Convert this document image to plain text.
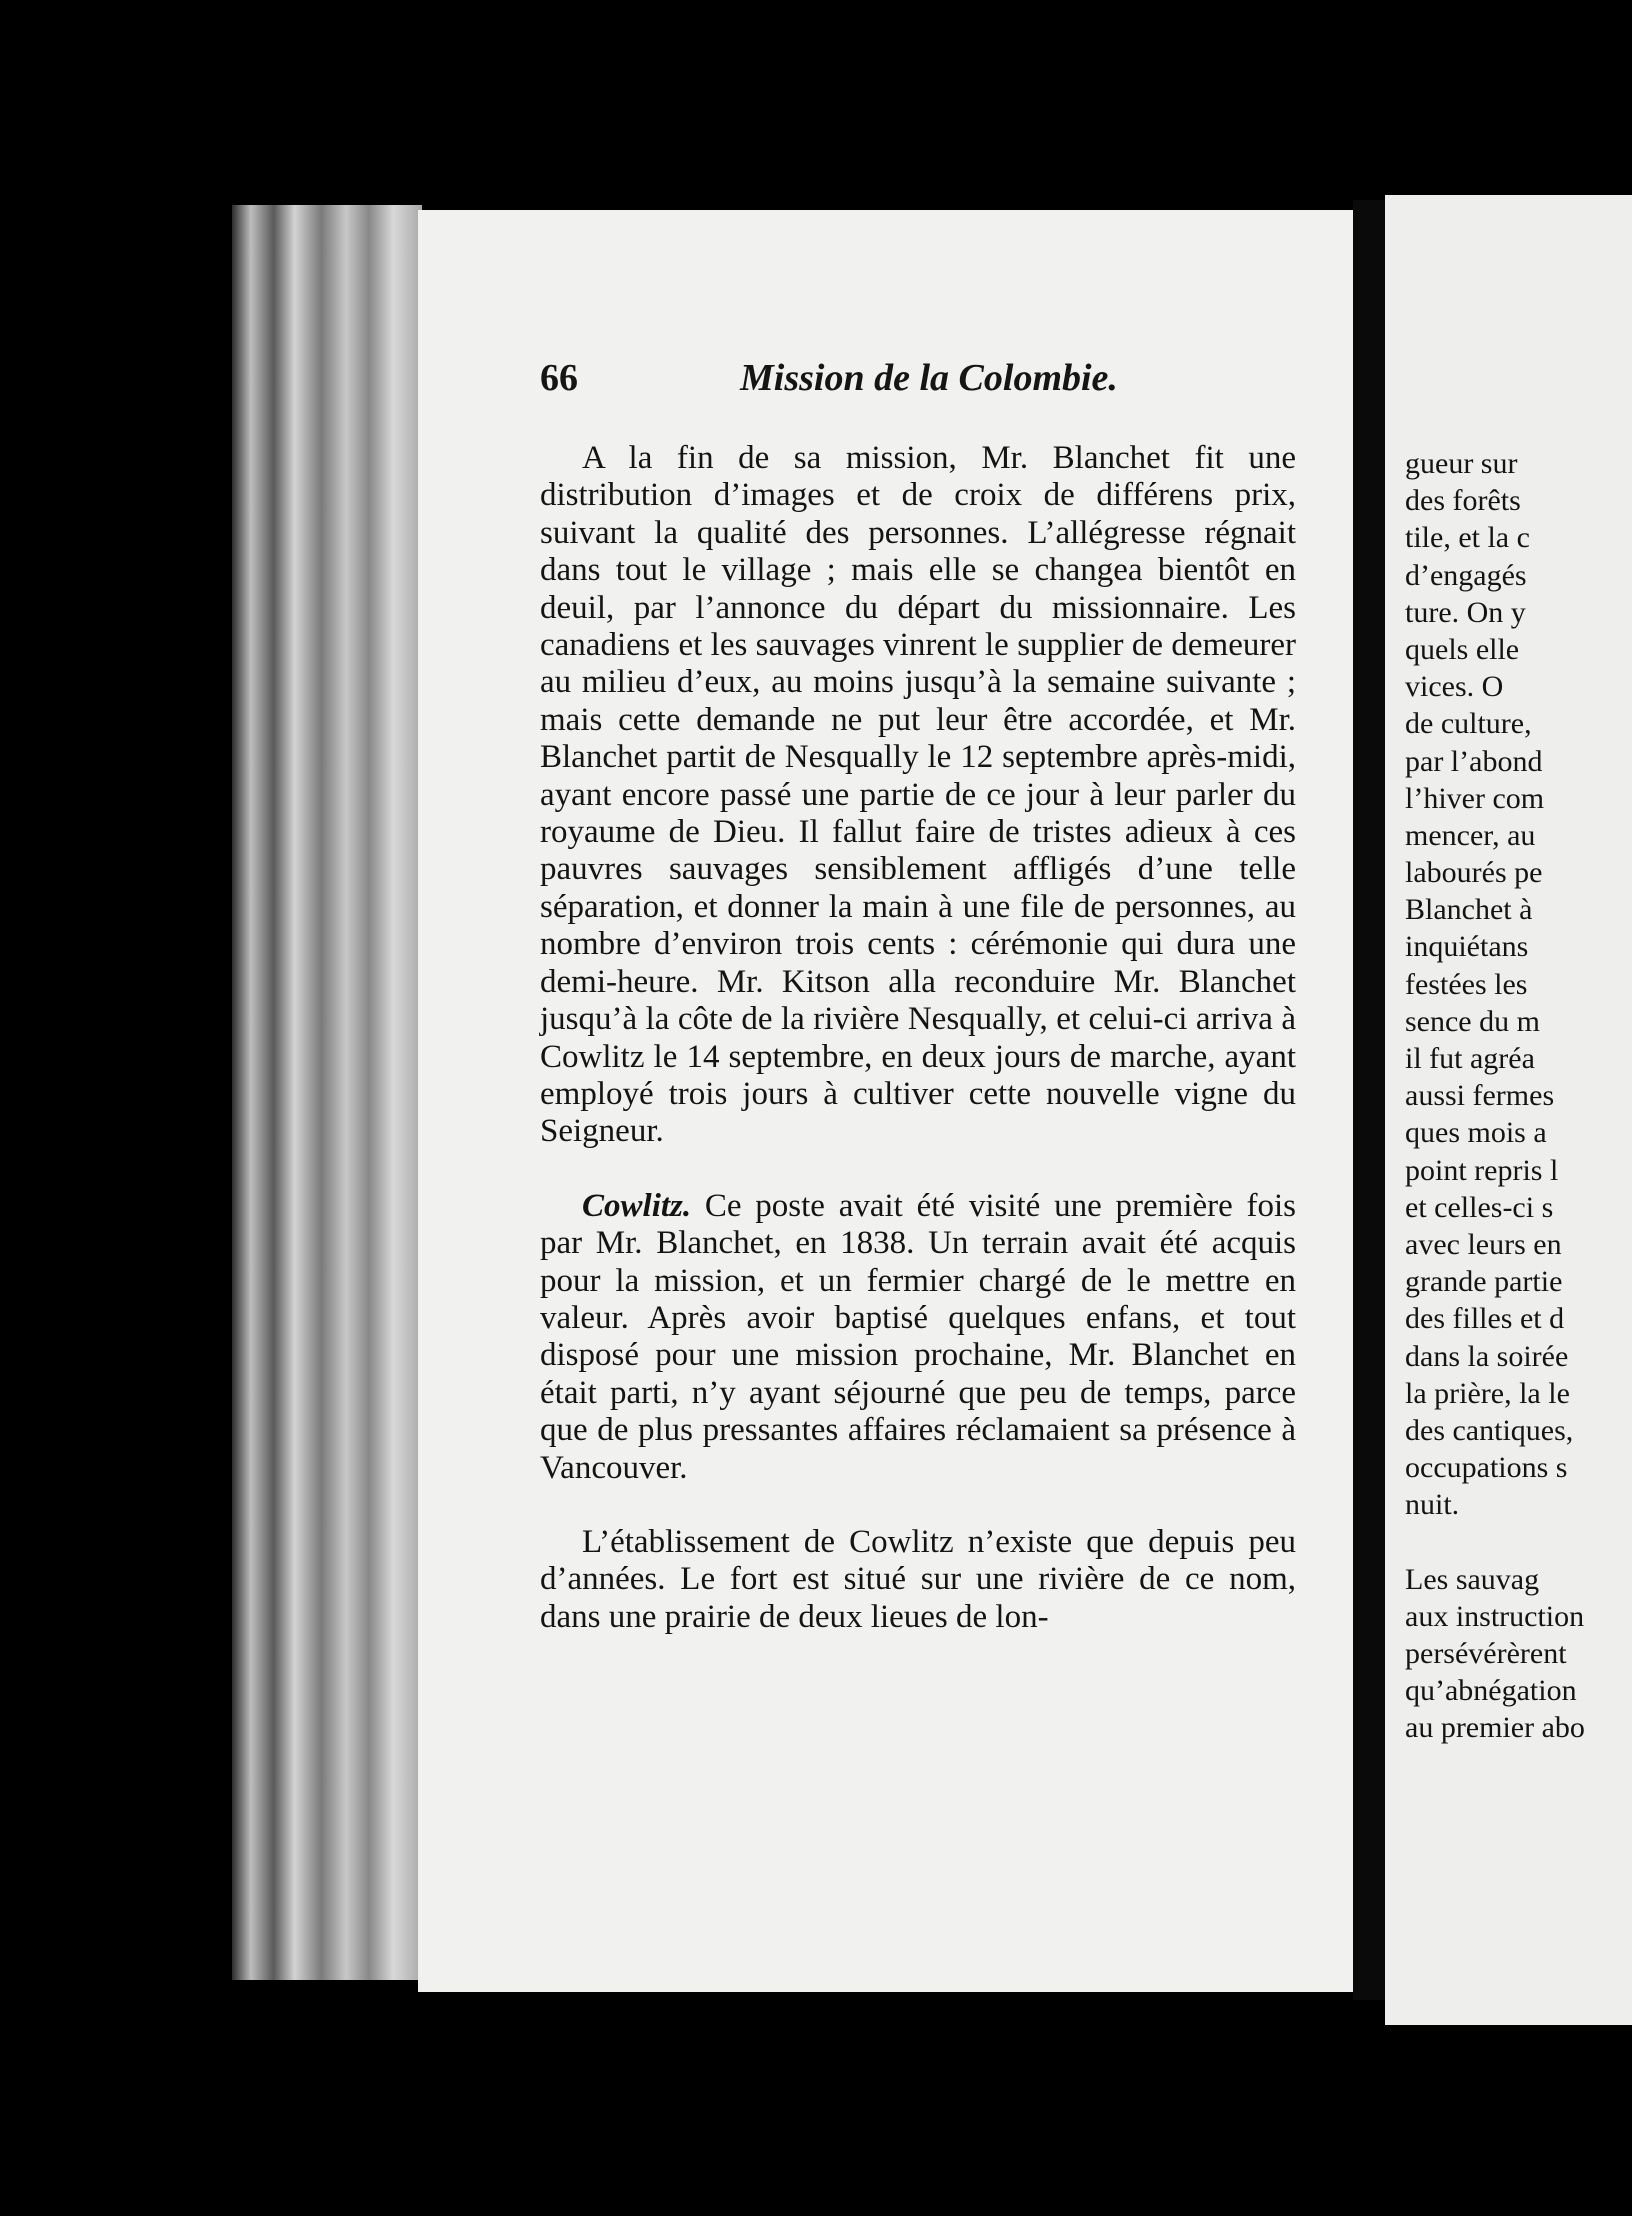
gueur sur
des forêts
tile, et la c
d’engagés
ture. On y
quels elle
vices. O
de culture,
par l’abond
l’hiver com
mencer, au
labourés pe
Blanchet à
inquiétans
festées les
sence du m
il fut agréa
aussi fermes
ques mois a
point repris l
et celles-ci s
avec leurs en
grande partie
des filles et d
dans la soirée
la prière, la le
des cantiques,
occupations s
nuit.
Les sauvag
aux instruction
persévérèrent
qu’abnégation
au premier abo
66	Mission de la Colombie.

A la fin de sa mission, Mr. Blanchet fit une distribution d’images et de croix de différens prix, suivant la qualité des personnes. L’allégresse régnait dans tout le village ; mais elle se changea bientôt en deuil, par l’annonce du départ du missionnaire. Les canadiens et les sauvages vinrent le supplier de demeurer au milieu d’eux, au moins jusqu’à la semaine suivante ; mais cette demande ne put leur être accordée, et Mr. Blanchet partit de Nesqually le 12 septembre après-midi, ayant encore passé une partie de ce jour à leur parler du royaume de Dieu. Il fallut faire de tristes adieux à ces pauvres sauvages sensiblement affligés d’une telle séparation, et donner la main à une file de personnes, au nombre d’environ trois cents : cérémonie qui dura une demi-heure. Mr. Kitson alla reconduire Mr. Blanchet jusqu’à la côte de la rivière Nesqually, et celui-ci arriva à Cowlitz le 14 septembre, en deux jours de marche, ayant employé trois jours à cultiver cette nouvelle vigne du Seigneur.

Cowlitz. Ce poste avait été visité une première fois par Mr. Blanchet, en 1838. Un terrain avait été acquis pour la mission, et un fermier chargé de le mettre en valeur. Après avoir baptisé quelques enfans, et tout disposé pour une mission prochaine, Mr. Blanchet en était parti, n’y ayant séjourné que peu de temps, parce que de plus pressantes affaires réclamaient sa présence à Vancouver.

L’établissement de Cowlitz n’existe que depuis peu d’années. Le fort est situé sur une rivière de ce nom, dans une prairie de deux lieues de lon-
